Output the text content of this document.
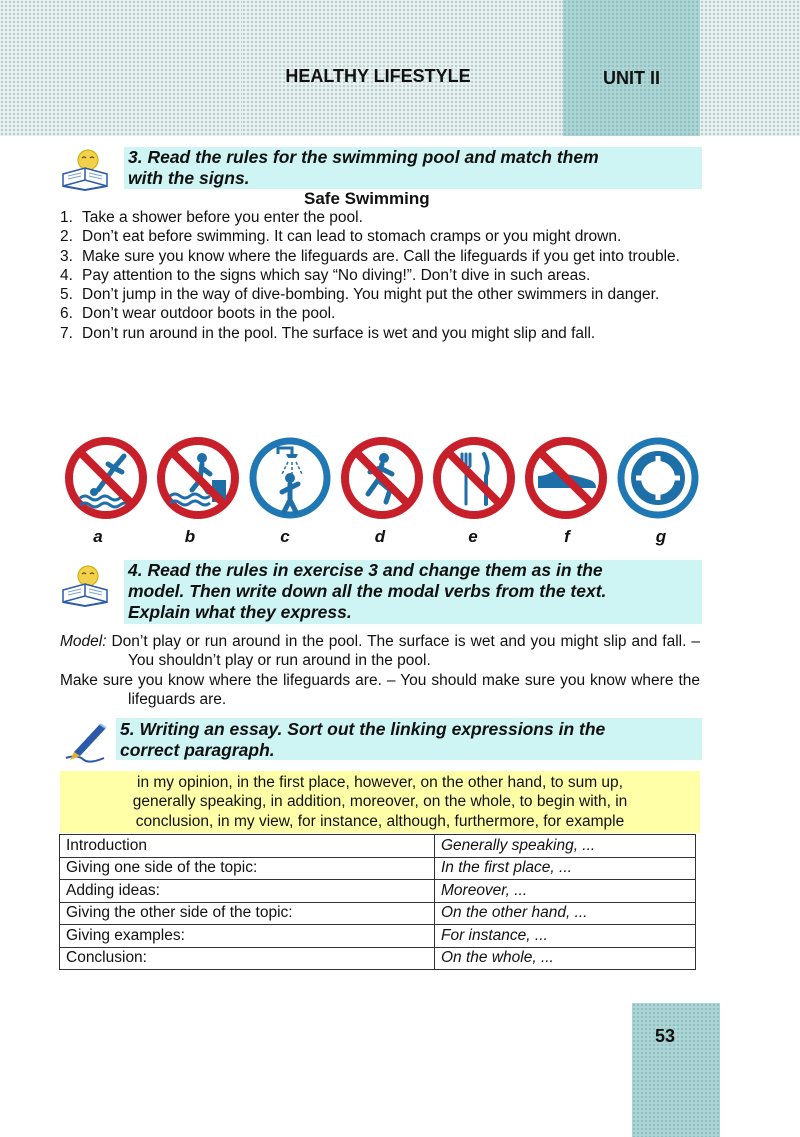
HEALTHY LIFESTYLE	UNIT II
3. Read the rules for the swimming pool and match them
with the signs.
Safe Swimming
1. Take a shower before you enter the pool.
2. Don’t eat before swimming. It can lead to stomach cramps or you might drown.
3. Make sure you know where the lifeguards are. Call the lifeguards if you get into trouble.
4. Pay attention to the signs which say “No diving!”. Don’t dive in such areas.
5. Don’t jump in the way of dive-bombing. You might put the other swimmers in danger.
6. Don’t wear outdoor boots in the pool.
7. Don’t run around in the pool. The surface is wet and you might slip and fall.
a	b	c	d	e	f	g
4. Read the rules in exercise 3 and change them as in the
model. Then write down all the modal verbs from the text.
Explain what they express.

Model: Don’t play or run around in the pool. The surface is wet and you might slip and fall. – You shouldn’t play or run around in the pool.

Make sure you know where the lifeguards are. – You should make sure you know where the lifeguards are.

5. Writing an essay. Sort out the linking expressions in the
correct paragraph.
in my opinion, in the first place, however, on the other hand, to sum up,
generally speaking, in addition, moreover, on the whole, to begin with, in
conclusion, in my view, for instance, although, furthermore, for example
Introduction	Generally speaking, ...
Giving one side of the topic:	In the first place, ...
Adding ideas:	Moreover, ...
Giving the other side of the topic:	On the other hand, ...
Giving examples:	For instance, ...
Conclusion:	On the whole, ...
53
